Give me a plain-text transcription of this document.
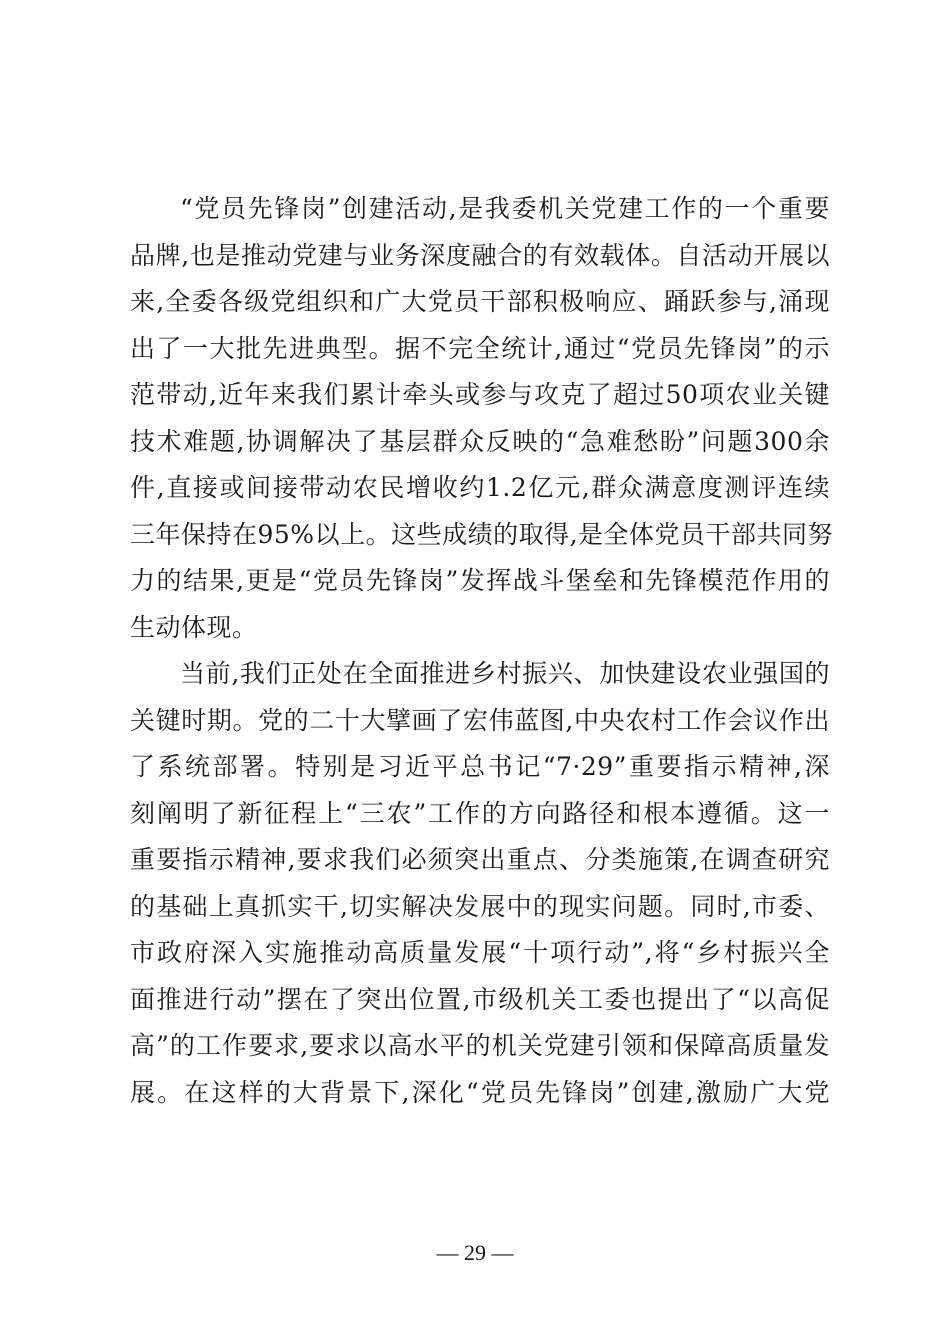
“党员先锋岗”创建活动,是我委机关党建工作的一个重要
品牌,也是推动党建与业务深度融合的有效载体。自活动开展以
来,全委各级党组织和广大党员干部积极响应、踊跃参与,涌现
出了一大批先进典型。据不完全统计,通过“党员先锋岗”的示
范带动,近年来我们累计牵头或参与攻克了超过50项农业关键
技术难题,协调解决了基层群众反映的“急难愁盼”问题300余
件,直接或间接带动农民增收约1.2亿元,群众满意度测评连续
三年保持在95%以上。这些成绩的取得,是全体党员干部共同努
力的结果,更是“党员先锋岗”发挥战斗堡垒和先锋模范作用的
生动体现。
当前,我们正处在全面推进乡村振兴、加快建设农业强国的
关键时期。党的二十大擘画了宏伟蓝图,中央农村工作会议作出
了系统部署。特别是习近平总书记“7·29”重要指示精神,深
刻阐明了新征程上“三农”工作的方向路径和根本遵循。这一
重要指示精神,要求我们必须突出重点、分类施策,在调查研究
的基础上真抓实干,切实解决发展中的现实问题。同时,市委、
市政府深入实施推动高质量发展“十项行动”,将“乡村振兴全
面推进行动”摆在了突出位置,市级机关工委也提出了“以高促
高”的工作要求,要求以高水平的机关党建引领和保障高质量发
展。在这样的大背景下,深化“党员先锋岗”创建,激励广大党
— 29 —
